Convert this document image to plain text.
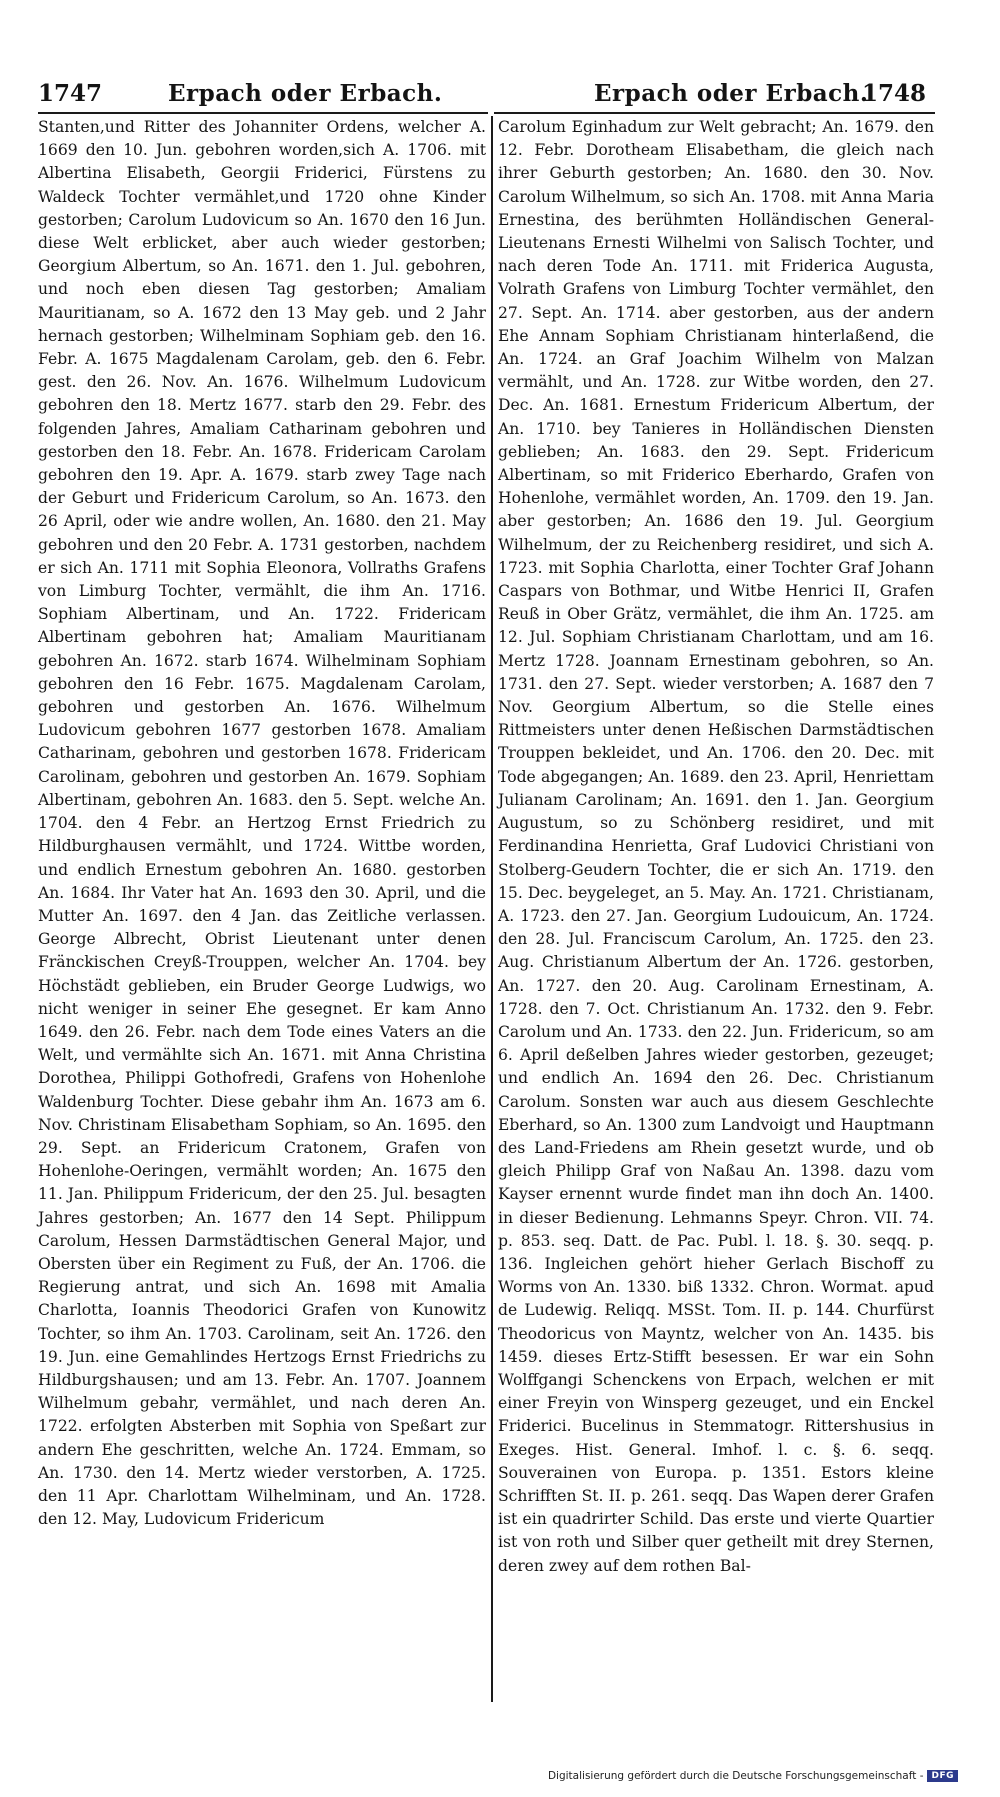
1747	Erpach oder Erbach.	Erpach oder Erbach.
1748

Stanten,und Ritter des Johanniter Ordens, welcher A. 1669 den 10. Jun. gebohren worden,sich A. 1706. mit Albertina Elisabeth, Georgii Friderici, Fürstens zu Waldeck Tochter vermählet,und 1720 ohne Kinder gestorben; Carolum Ludovicum so An. 1670 den 16 Jun. diese Welt erblicket, aber auch wieder gestorben; Georgium Albertum, so An. 1671. den 1. Jul. gebohren, und noch eben diesen Tag gestorben; Amaliam Mauritianam, so A. 1672 den 13 May geb. und 2 Jahr hernach gestorben; Wilhelminam Sophiam geb. den 16. Febr. A. 1675 Magdalenam Carolam, geb. den 6. Febr. gest. den 26. Nov. An. 1676. Wilhelmum Ludovicum gebohren den 18. Mertz 1677. starb den 29. Febr. des folgenden Jahres, Amaliam Catharinam gebohren und gestorben den 18. Febr. An. 1678. Fridericam Carolam gebohren den 19. Apr. A. 1679. starb zwey Tage nach der Geburt und Fridericum Carolum, so An. 1673. den 26 April, oder wie andre wollen, An. 1680. den 21. May gebohren und den 20 Febr. A. 1731 gestorben, nachdem er sich An. 1711 mit Sophia Eleonora, Vollraths Grafens von Limburg Tochter, vermählt, die ihm An. 1716. Sophiam Albertinam, und An. 1722. Fridericam Albertinam gebohren hat; Amaliam Mauritianam gebohren An. 1672. starb 1674. Wilhelminam Sophiam gebohren den 16 Febr. 1675. Magdalenam Carolam, gebohren und gestorben An. 1676. Wilhelmum Ludovicum gebohren 1677 gestorben 1678. Amaliam Catharinam, gebohren und gestorben 1678. Fridericam Carolinam, gebohren und gestorben An. 1679. Sophiam Albertinam, gebohren An. 1683. den 5. Sept. welche An. 1704. den 4 Febr. an Hertzog Ernst Friedrich zu Hildburghausen vermählt, und 1724. Wittbe worden, und endlich Ernestum gebohren An. 1680. gestorben An. 1684. Ihr Vater hat An. 1693 den 30. April, und die Mutter An. 1697. den 4 Jan. das Zeitliche verlassen. George Albrecht, Obrist Lieutenant unter denen Fränckischen Creyß-Trouppen, welcher An. 1704. bey Höchstädt geblieben, ein Bruder George Ludwigs, wo nicht weniger in seiner Ehe gesegnet. Er kam Anno 1649. den 26. Febr. nach dem Tode eines Vaters an die Welt, und vermählte sich An. 1671. mit Anna Christina Dorothea, Philippi Gothofredi, Grafens von Hohenlohe Waldenburg Tochter. Diese gebahr ihm An. 1673 am 6. Nov. Christinam Elisabetham Sophiam, so An. 1695. den 29. Sept. an Fridericum Cratonem, Grafen von Hohenlohe-Oeringen, vermählt worden; An. 1675 den 11. Jan. Philippum Fridericum, der den 25. Jul. besagten Jahres gestorben; An. 1677 den 14 Sept. Philippum Carolum, Hessen Darmstädtischen General Major, und Obersten über ein Regiment zu Fuß, der An. 1706. die Regierung antrat, und sich An. 1698 mit Amalia Charlotta, Ioannis Theodorici Grafen von Kunowitz Tochter, so ihm An. 1703. Carolinam, seit An. 1726. den 19. Jun. eine Gemahlindes Hertzogs Ernst Friedrichs zu Hildburgshausen; und am 13. Febr. An. 1707. Joannem Wilhelmum gebahr, vermählet, und nach deren An. 1722. erfolgten Absterben mit Sophia von Speßart zur andern Ehe geschritten, welche An. 1724. Emmam, so An. 1730. den 14. Mertz wieder verstorben, A. 1725. den 11 Apr. Charlottam Wilhelminam, und An. 1728. den 12. May, Ludovicum Fridericum

Carolum Eginhadum zur Welt gebracht; An. 1679. den 12. Febr. Dorotheam Elisabetham, die gleich nach ihrer Geburth gestorben; An. 1680. den 30. Nov. Carolum Wilhelmum, so sich An. 1708. mit Anna Maria Ernestina, des berühmten Holländischen General-Lieutenans Ernesti Wilhelmi von Salisch Tochter, und nach deren Tode An. 1711. mit Friderica Augusta, Volrath Grafens von Limburg Tochter vermählet, den 27. Sept. An. 1714. aber gestorben, aus der andern Ehe Annam Sophiam Christianam hinterlaßend, die An. 1724. an Graf Joachim Wilhelm von Malzan vermählt, und An. 1728. zur Witbe worden, den 27. Dec. An. 1681. Ernestum Fridericum Albertum, der An. 1710. bey Tanieres in Holländischen Diensten geblieben; An. 1683. den 29. Sept. Fridericum Albertinam, so mit Friderico Eberhardo, Grafen von Hohenlohe, vermählet worden, An. 1709. den 19. Jan. aber gestorben; An. 1686 den 19. Jul. Georgium Wilhelmum, der zu Reichenberg residiret, und sich A. 1723. mit Sophia Charlotta, einer Tochter Graf Johann Caspars von Bothmar, und Witbe Henrici II, Grafen Reuß in Ober Grätz, vermählet, die ihm An. 1725. am 12. Jul. Sophiam Christianam Charlottam, und am 16. Mertz 1728. Joannam Ernestinam gebohren, so An. 1731. den 27. Sept. wieder verstorben; A. 1687 den 7 Nov. Georgium Albertum, so die Stelle eines Rittmeisters unter denen Heßischen Darmstädtischen Trouppen bekleidet, und An. 1706. den 20. Dec. mit Tode abgegangen; An. 1689. den 23. April, Henriettam Julianam Carolinam; An. 1691. den 1. Jan. Georgium Augustum, so zu Schönberg residiret, und mit Ferdinandina Henrietta, Graf Ludovici Christiani von Stolberg-Geudern Tochter, die er sich An. 1719. den 15. Dec. beygeleget, an 5. May. An. 1721. Christianam, A. 1723. den 27. Jan. Georgium Ludouicum, An. 1724. den 28. Jul. Franciscum Carolum, An. 1725. den 23. Aug. Christianum Albertum der An. 1726. gestorben, An. 1727. den 20. Aug. Carolinam Ernestinam, A. 1728. den 7. Oct. Christianum An. 1732. den 9. Febr. Carolum und An. 1733. den 22. Jun. Fridericum, so am 6. April deßelben Jahres wieder gestorben, gezeuget; und endlich An. 1694 den 26. Dec. Christianum Carolum. Sonsten war auch aus diesem Geschlechte Eberhard, so An. 1300 zum Landvoigt und Hauptmann des Land-Friedens am Rhein gesetzt wurde, und ob gleich Philipp Graf von Naßau An. 1398. dazu vom Kayser ernennt wurde findet man ihn doch An. 1400. in dieser Bedienung. Lehmanns Speyr. Chron. VII. 74. p. 853. seq. Datt. de Pac. Publ. l. 18. §. 30. seqq. p. 136. Ingleichen gehört hieher Gerlach Bischoff zu Worms von An. 1330. biß 1332. Chron. Wormat. apud de Ludewig. Reliqq. MSSt. Tom. II. p. 144. Churfürst Theodoricus von Mayntz, welcher von An. 1435. bis 1459. dieses Ertz-Stifft besessen. Er war ein Sohn Wolffgangi Schenckens von Erpach, welchen er mit einer Freyin von Winsperg gezeuget, und ein Enckel Friderici. Bucelinus in Stemmatogr. Rittershusius in Exeges. Hist. General. Imhof. l. c. §. 6. seqq. Souverainen von Europa. p. 1351. Estors kleine Schrifften St. II. p. 261. seqq. Das Wapen derer Grafen ist ein quadrirter Schild. Das erste und vierte Quartier ist von roth und Silber quer getheilt mit drey Sternen, deren zwey auf dem rothen Bal-

Digitalisierung gefördert durch die Deutsche Forschungsgemeinschaft - DFG
